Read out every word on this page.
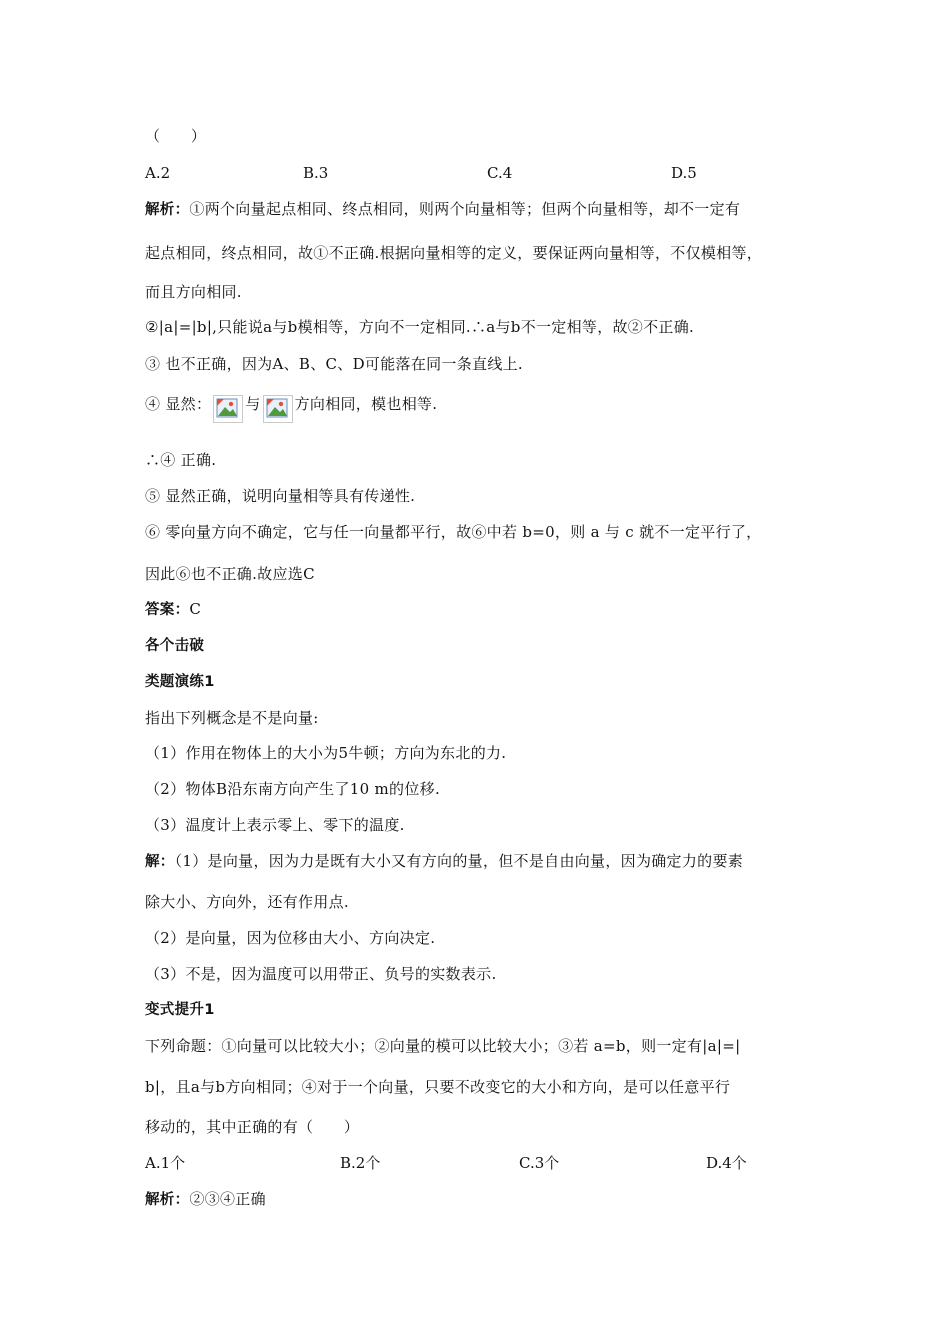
（　　）
A.2	B.3	C.4	D.5
解析：①两个向量起点相同、终点相同，则两个向量相等；但两个向量相等，却不一定有
起点相同，终点相同，故①不正确.根据向量相等的定义，要保证两向量相等，不仅模相等，
而且方向相同.
②|a|=|b|,只能说a与b模相等，方向不一定相同.∴a与b不一定相等，故②不正确.
③ 也不正确，因为A、B、C、D可能落在同一条直线上.
④ 显然： 与 方向相同，模也相等.
∴④ 正确.
⑤ 显然正确，说明向量相等具有传递性.
⑥ 零向量方向不确定，它与任一向量都平行，故⑥中若 b=0，则 a 与 c 就不一定平行了，
因此⑥也不正确.故应选C
答案：C
各个击破
类题演练1
指出下列概念是不是向量:
（1）作用在物体上的大小为5牛顿；方向为东北的力.
（2）物体B沿东南方向产生了10 m的位移.
（3）温度计上表示零上、零下的温度.
解：（1）是向量，因为力是既有大小又有方向的量，但不是自由向量，因为确定力的要素
除大小、方向外，还有作用点.
（2）是向量，因为位移由大小、方向决定.
（3）不是，因为温度可以用带正、负号的实数表示.
变式提升1
下列命题：①向量可以比较大小；②向量的模可以比较大小；③若 a=b，则一定有|a|=|
b|，且a与b方向相同；④对于一个向量，只要不改变它的大小和方向，是可以任意平行
移动的，其中正确的有（　　）
A.1个	B.2个	C.3个	D.4个
解析：②③④正确
